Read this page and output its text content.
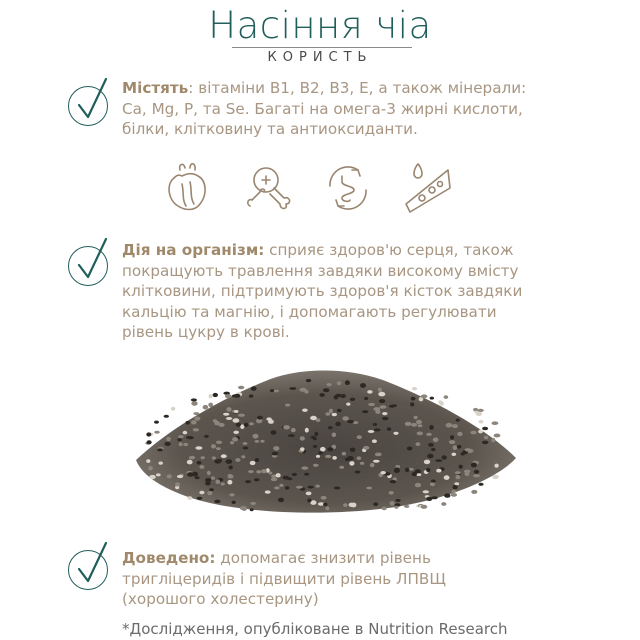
Насіння чіа
КОРИСТЬ
Містять: вітаміни B1, B2, B3, E, а також мінерали: Ca, Mg, P, та Se. Багаті на омега-3 жирні кислоти, білки, клітковину та антиоксиданти.
Дія на організм: сприяє здоров'ю серця, також покращують травлення завдяки високому вмісту клітковини, підтримують здоров'я кісток завдяки кальцію та магнію, і допомагають регулювати рівень цукру в крові.
Доведено: допомагає знизити рівень тригліцеридів і підвищити рівень ЛПВЩ (хорошого холестерину)
*Дослідження, опубліковане в Nutrition Research
